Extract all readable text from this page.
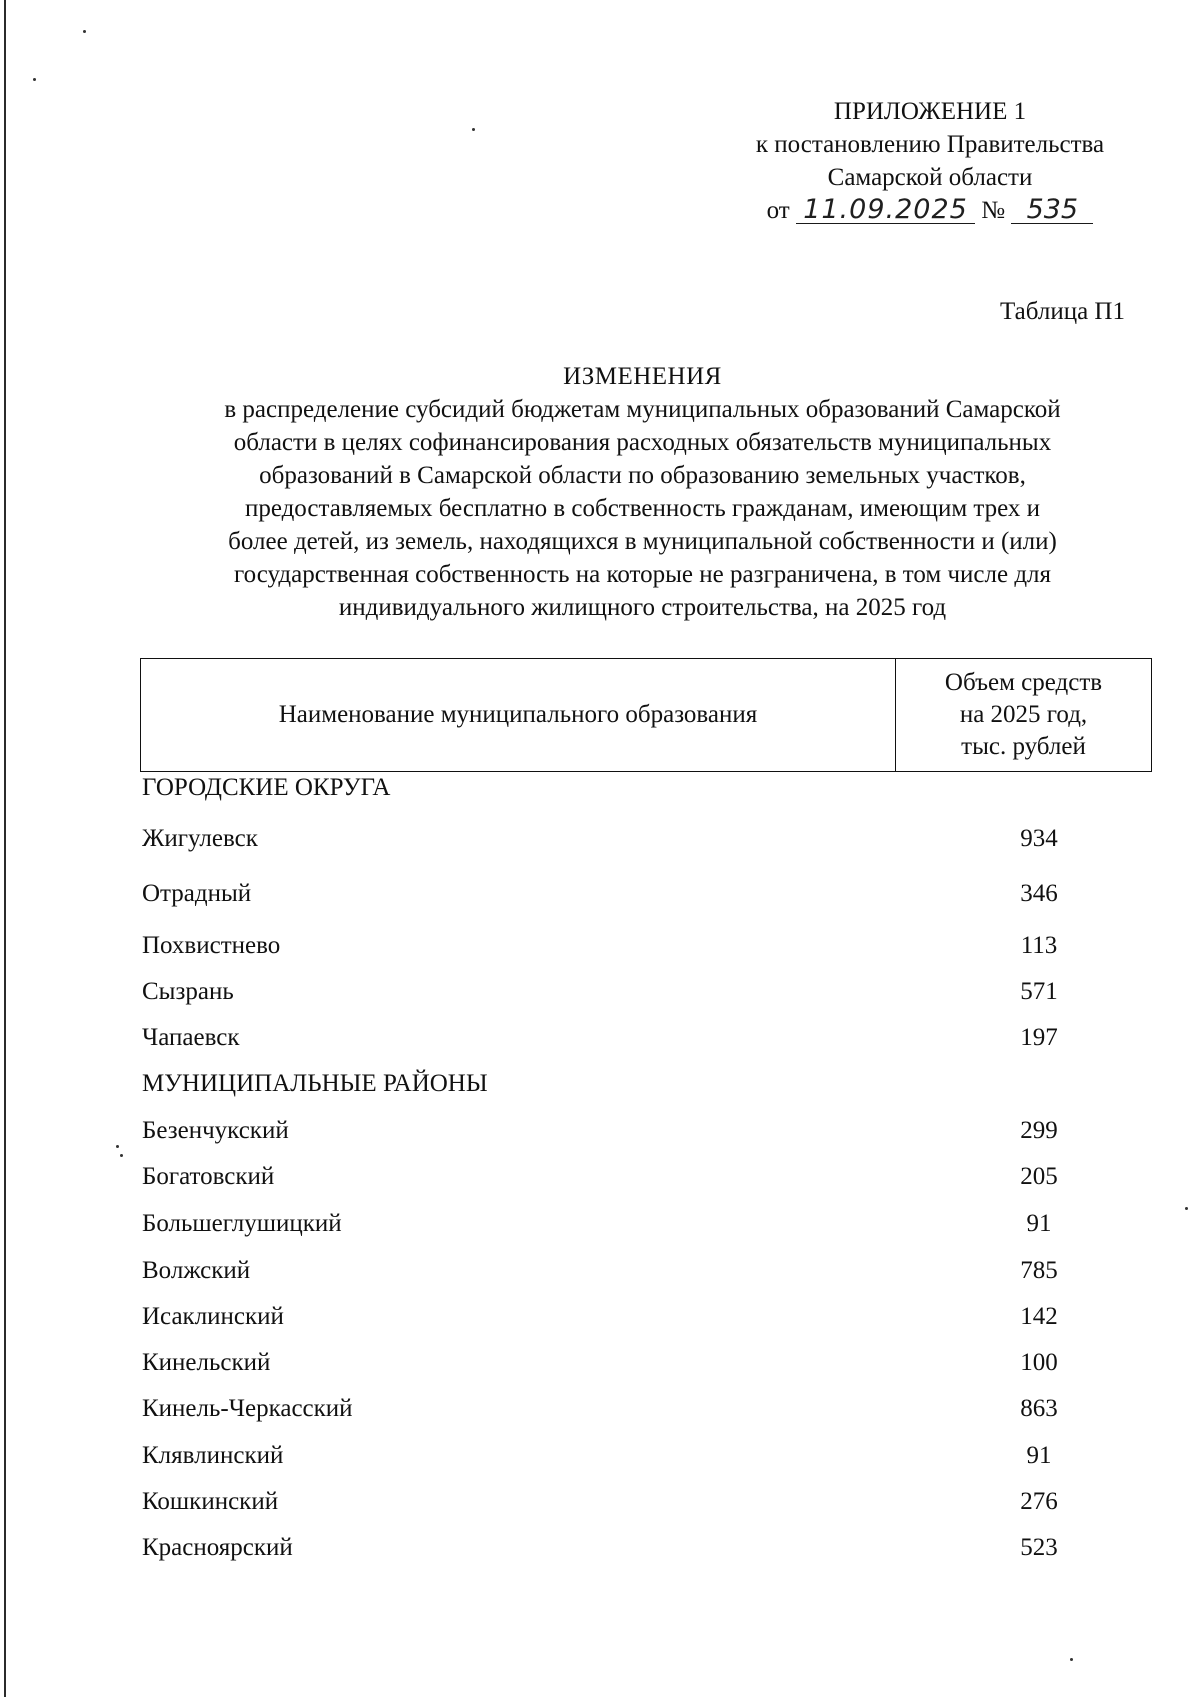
ПРИЛОЖЕНИЕ 1
к постановлению Правительства
Самарской области
от 11.09.2025 № 535
Таблица П1
ИЗМЕНЕНИЯ
в распределение субсидий бюджетам муниципальных образований Самарской
области в целях софинансирования расходных обязательств муниципальных
образований в Самарской области по образованию земельных участков,
предоставляемых бесплатно в собственность гражданам, имеющим трех и
более детей, из земель, находящихся в муниципальной собственности и (или)
государственная собственность на которые не разграничена, в том числе для
индивидуального жилищного строительства, на 2025 год
Наименование муниципального образования
Объем средств
на 2025 год,
тыс. рублей
ГОРОДСКИЕ ОКРУГА
Жигулевск	934
Отрадный	346
Похвистнево	113
Сызрань	571
Чапаевск	197
МУНИЦИПАЛЬНЫЕ РАЙОНЫ
Безенчукский	299
Богатовский	205
Большеглушицкий	91
Волжский	785
Исаклинский	142
Кинельский	100
Кинель-Черкасский	863
Клявлинский	91
Кошкинский	276
Красноярский	523
